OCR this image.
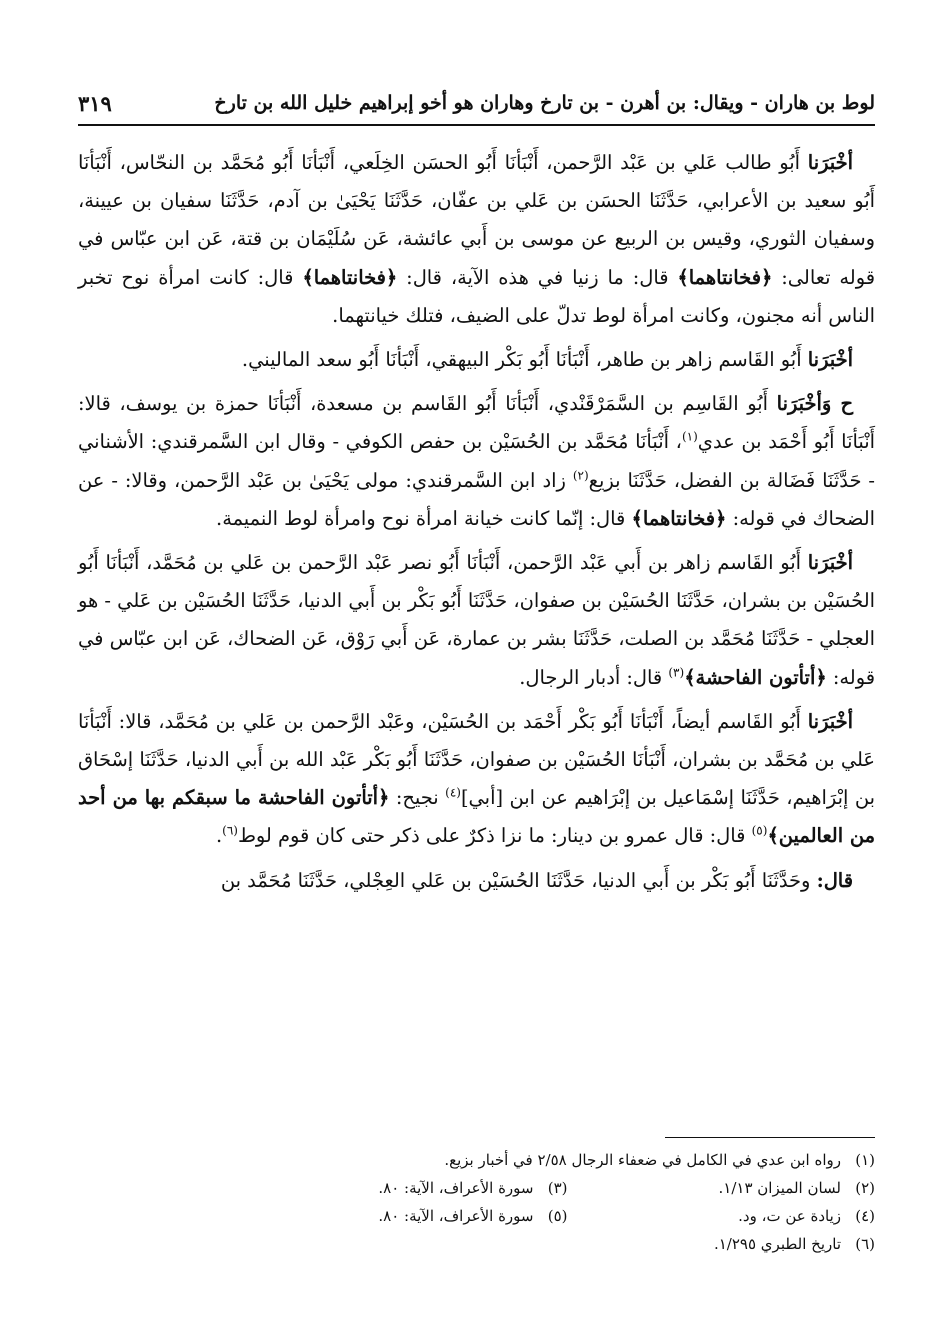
لوط بن هاران - ويقال: بن أهرن - بن تارخ وهاران هو أخو إبراهيم خليل الله بن تارخ
٣١٩

أخْبَرَنا أَبُو طالب عَلي بن عَبْد الرَّحمن، أَنْبَأنَا أَبُو الحسَن الخِلَعي، أَنْبَأنَا أَبُو مُحَمَّد بن النحّاس، أَنْبَأنَا أَبُو سعيد بن الأعرابي، حَدَّثَنَا الحسَن بن عَلي بن عفّان، حَدَّثَنَا يَحْيَىٰ بن آدم، حَدَّثَنَا سفيان بن عيينة، وسفيان الثوري، وقيس بن الربيع عن موسى بن أَبي عائشة، عَن سُلَيْمَان بن قتة، عَن ابن عبّاس في قوله تعالى: ﴿فخانتاهما﴾ قال: ما زنيا في هذه الآية، قال: ﴿فخانتاهما﴾ قال: كانت امرأة نوح تخبر الناس أنه مجنون، وكانت امرأة لوط تدلّ على الضيف، فتلك خيانتهما.

أخْبَرَنا أَبُو القَاسم زاهر بن طاهر، أَنْبَأنَا أَبُو بَكْر البيهقي، أَنْبَأنَا أَبُو سعد الماليني.

ح وَأخْبَرَنا أَبُو القَاسِم بن السَّمَرْقَنْدي، أَنْبَأنَا أَبُو القَاسم بن مسعدة، أَنْبَأنَا حمزة بن يوسف، قالا: أَنْبَأنَا أَبُو أَحْمَد بن عدي$^{(١)}$، أَنْبَأنَا مُحَمَّد بن الحُسَيْن بن حفص الكوفي - وقال ابن السَّمرقندي: الأشناني - حَدَّثَنَا فَضَالة بن الفضل، حَدَّثَنَا بزيع$^{(٢)}$ زاد ابن السَّمرقندي: مولى يَحْيَىٰ بن عَبْد الرَّحمن، وقالا: - عن الضحاك في قوله: ﴿فخانتاهما﴾ قال: إنّما كانت خيانة امرأة نوح وامرأة لوط النميمة.

أخْبَرَنا أَبُو القَاسم زاهر بن أَبي عَبْد الرَّحمن، أَنْبَأنَا أَبُو نصر عَبْد الرَّحمن بن عَلي بن مُحَمَّد، أَنْبَأنَا أَبُو الحُسَيْن بن بشران، حَدَّثَنَا الحُسَيْن بن صفوان، حَدَّثَنَا أَبُو بَكْر بن أَبي الدنيا، حَدَّثَنَا الحُسَيْن بن عَلي - هو العجلي - حَدَّثَنَا مُحَمَّد بن الصلت، حَدَّثَنَا بشر بن عمارة، عَن أَبي رَوْق، عَن الضحاك، عَن ابن عبّاس في قوله: ﴿أتأتون الفاحشة﴾$^{(٣)}$ قال: أدبار الرجال.

أخْبَرَنا أَبُو القَاسم أيضاً، أَنْبَأنَا أَبُو بَكْر أَحْمَد بن الحُسَيْن، وعَبْد الرَّحمن بن عَلي بن مُحَمَّد، قالا: أَنْبَأنَا عَلي بن مُحَمَّد بن بشران، أَنْبَأنَا الحُسَيْن بن صفوان، حَدَّثَنَا أَبُو بَكْر عَبْد الله بن أَبي الدنيا، حَدَّثَنَا إسْحَاق بن إبْرَاهيم، حَدَّثَنَا إسْمَاعيل بن إبْرَاهيم عن ابن [أبي]$^{(٤)}$ نجيح: ﴿أتأتون الفاحشة ما سبقكم بها من أحد من العالمين﴾$^{(٥)}$ قال: قال عمرو بن دينار: ما نزا ذكرٌ على ذكر حتى كان قوم لوط$^{(٦)}$.

قال: وحَدَّثَنَا أَبُو بَكْر بن أَبي الدنيا، حَدَّثَنَا الحُسَيْن بن عَلي العِجْلي، حَدَّثَنَا مُحَمَّد بن

(١)رواه ابن عدي في الكامل في ضعفاء الرجال ٢/٥٨ في أخبار بزيع.
(٢)لسان الميزان ١/١٣.
(٣)سورة الأعراف، الآية: ٨٠.
(٤)زيادة عن ت، ود.
(٥)سورة الأعراف، الآية: ٨٠.
(٦)تاريخ الطبري ١/٢٩٥.
